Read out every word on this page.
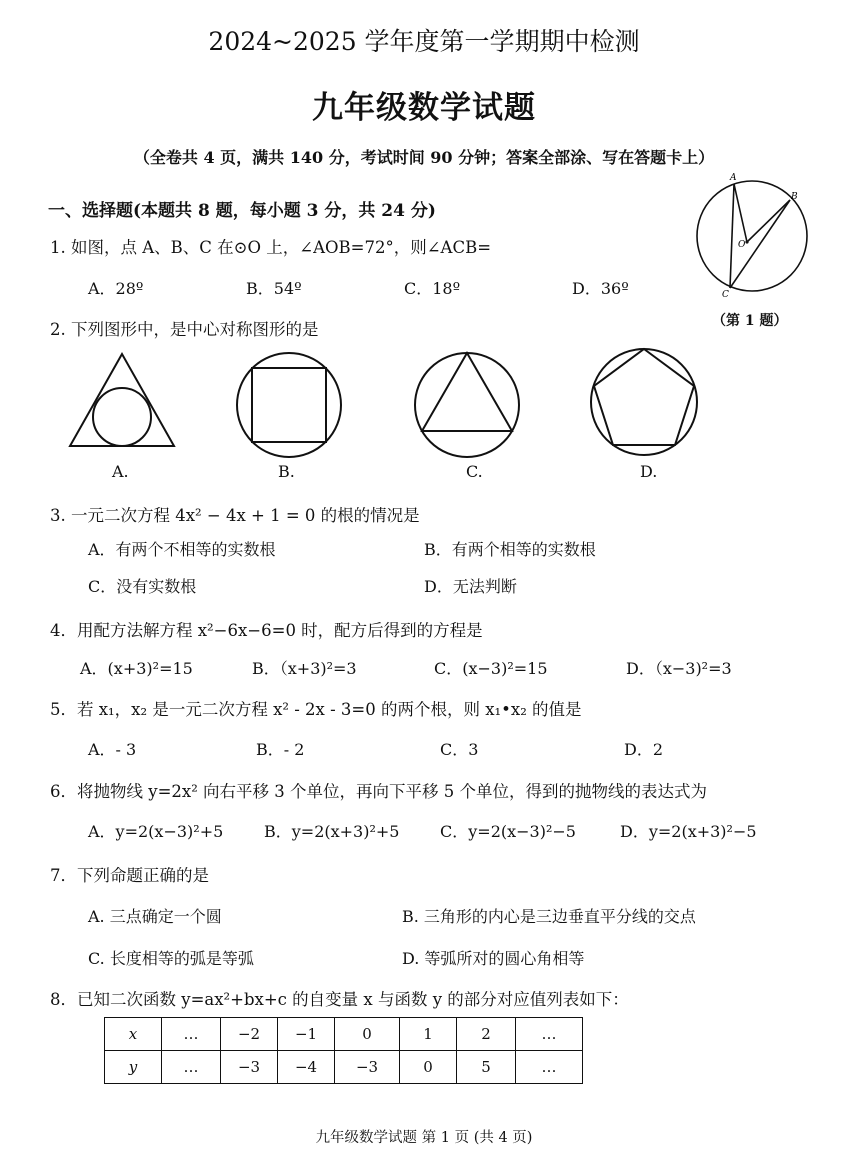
2024~2025 学年度第一学期期中检测
九年级数学试题
（全卷共 4 页，满共 140 分，考试时间 90 分钟；答案全部涂、写在答题卡上）
一、选择题(本题共 8 题，每小题 3 分，共 24 分)
1. 如图，点 A、B、C 在⊙O 上，∠AOB=72°，则∠ACB=
A．28º	B．54º	C．18º	D．36º
A
B
O
C
（第 1 题）
2. 下列图形中，是中心对称图形的是
A.	B.	C.	D.
3. 一元二次方程 4x² − 4x + 1 = 0 的根的情况是
A．有两个不相等的实数根	B．有两个相等的实数根
C．没有实数根	D．无法判断
4．用配方法解方程 x²−6x−6=0 时，配方后得到的方程是
A．(x+3)²=15	B．（x+3)²=3	C．(x−3)²=15	D．（x−3)²=3
5．若 x₁，x₂ 是一元二次方程 x² - 2x - 3=0 的两个根，则 x₁•x₂ 的值是
A．- 3	B．- 2	C．3	D．2
6．将抛物线 y=2x² 向右平移 3 个单位，再向下平移 5 个单位，得到的抛物线的表达式为
A．y=2(x−3)²+5	B．y=2(x+3)²+5	C．y=2(x−3)²−5	D．y=2(x+3)²−5
7．下列命题正确的是
A. 三点确定一个圆	B. 三角形的内心是三边垂直平分线的交点
C. 长度相等的弧是等弧	D. 等弧所对的圆心角相等
8．已知二次函数 y=ax²+bx+c 的自变量 x 与函数 y 的部分对应值列表如下：
x	…	−2	−1	0	1	2	…
y	…	−3	−4	−3	0	5	…
九年级数学试题 第 1 页 (共 4 页)
